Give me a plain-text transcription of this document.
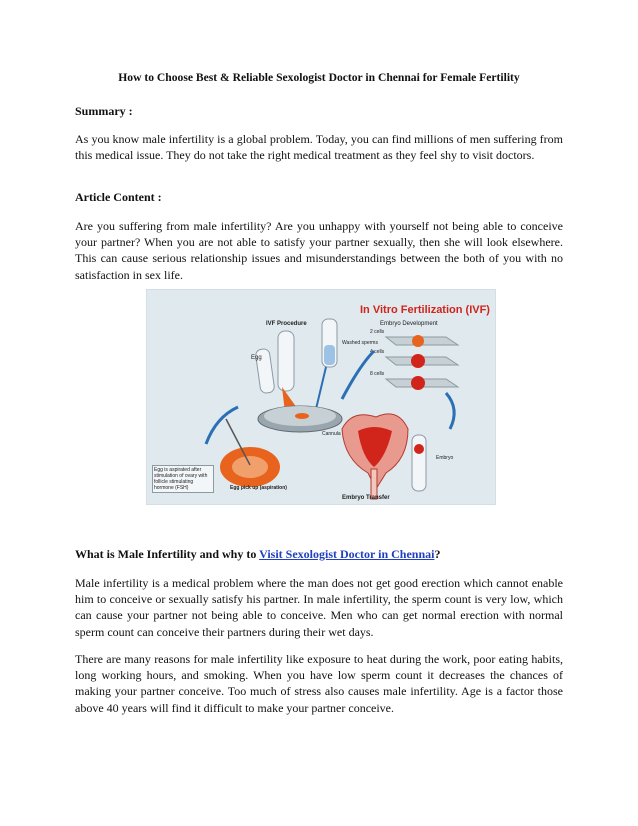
How to Choose Best & Reliable Sexologist Doctor in Chennai for Female Fertility
Summary :
As you know male infertility is a global problem. Today, you can find millions of men suffering from this medical issue. They do not take the right medical treatment as they feel shy to visit doctors.
Article Content :
Are you suffering from male infertility? Are you unhappy with yourself not being able to conceive your partner? When you are not able to satisfy your partner sexually, then she will look elsewhere. This can cause serious relationship issues and misunderstandings between the both of you with no satisfaction in sex life.
In Vitro Fertilization (IVF)
Embryo Development
IVF Procedure
Egg
Washed sperms
2 cells
4 cells
8 cells
Cannula
Embryo
Embryo Transfer
Egg pick up (aspiration)
Egg is aspirated after stimulation of ovary with follicle stimulating hormone (FSH)
What is Male Infertility and why to Visit Sexologist Doctor in Chennai?
Male infertility is a medical problem where the man does not get good erection which cannot enable him to conceive or sexually satisfy his partner. In male infertility, the sperm count is very low, which can cause your partner not being able to conceive. Men who can get normal erection with normal sperm count can conceive their partners during their wet days.
There are many reasons for male infertility like exposure to heat during the work, poor eating habits, long working hours, and smoking. When you have low sperm count it decreases the chances of making your partner conceive. Too much of stress also causes male infertility. Age is a factor those above 40 years will find it difficult to make your partner conceive.
